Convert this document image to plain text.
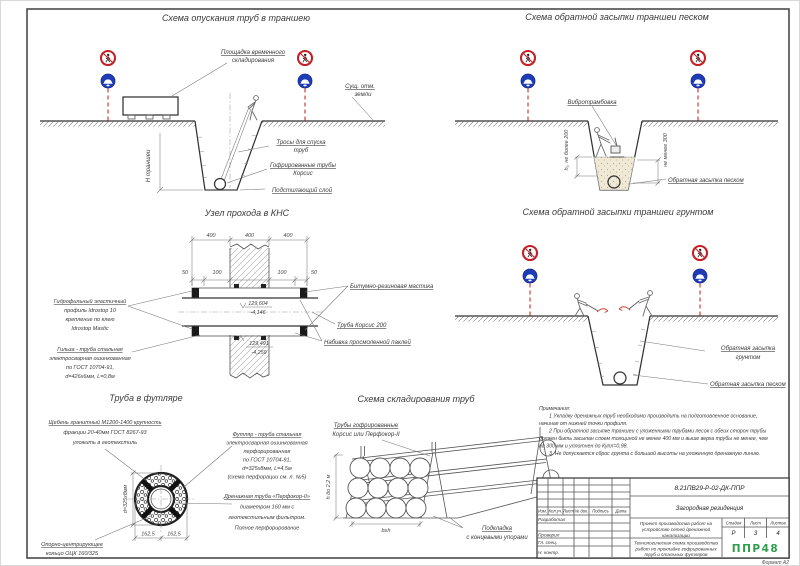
Схема опускания труб в траншею
Н траншеи
Площадка временного
складирования
Сущ. отм.
земли
Тросы для спуска
труб
Гофрированные трубы
Корсис
Подстилающий слой
Схема обратной засыпки траншеи песком
h₁, не более 200	не менее 300
Вибротрамбовка
Обратная засыпка песком
Узел прохода в КНС
400	400	400
50	100	100	50
129,604
-4,146
129,491
-4,259
Гидрофильный эластичный
профиль Idrostop 10
крепление по клею
Idrostop Mastic
Гильза - труба стальная
электросварная ошинкованная
по ГОСТ 10704-91,
d=426х6мм, L=0,8м
Битумно-резиновая мастика
Труба Корсис 200
Набивка просмоленной паклей
Схема обратной засыпки траншеи грунтом
Обратная засыпка
грунтом
Обратная засыпка песком
Труба в футляре
d=325х8мм
162,5 162,5
Щебень гранитный М1200-1400 крупность
фракции 20-40мм ГОСТ 8267-93
уложить в геотекстиль
Футляр - труба стальная
электросварная ошинкованная
перфорированная
по ГОСТ 10704-91,
d=325х8мм, L=4,5м
(схема перфорации см. л. №5)
Дренажная труба «Перфокор-II»
диаметром 160 мм с
геотекстильным фильтром.
Полное перфорирование
Опорно-центрирующее
кольцо ОЦК 160/325
Схема складирования труб
h до 2,2 м
b≥h
Трубы гофрированные
Корсис или Перфокор-II
Подкладка
с концевыми упорами
Примечания:
1 Укладку дренажных труб необходимо производить на подготовленное основание,
начиная от нижней точки профиля.
2 При обратной засыпке траншеи с уложенными трубами песок с обеих сторон трубы
должен быть засыпан слоем толщиной не менее 400 мм и выше верха трубы не менее, чем
на 300 мм и уплотнен до Купл=0,98.
3. Не допускается сброс грунта с большой высоты на уложенную дренажную линию.
Изм. Кол.уч. Лист № док. Подпись Дата
Разработал
Проверил
Гл. спец.
Н. контр.
8.21ПВ29-Р-02-ДК-ППР
Загородная резиденция
Проект производства работ на
устройство сетей дренажной
канализации
Стадия Лист Листов
Р	3	4
Технологическая схема производства
работ по прокладке гофрированных
труб и стальных футляров ППР48
Формат А2
